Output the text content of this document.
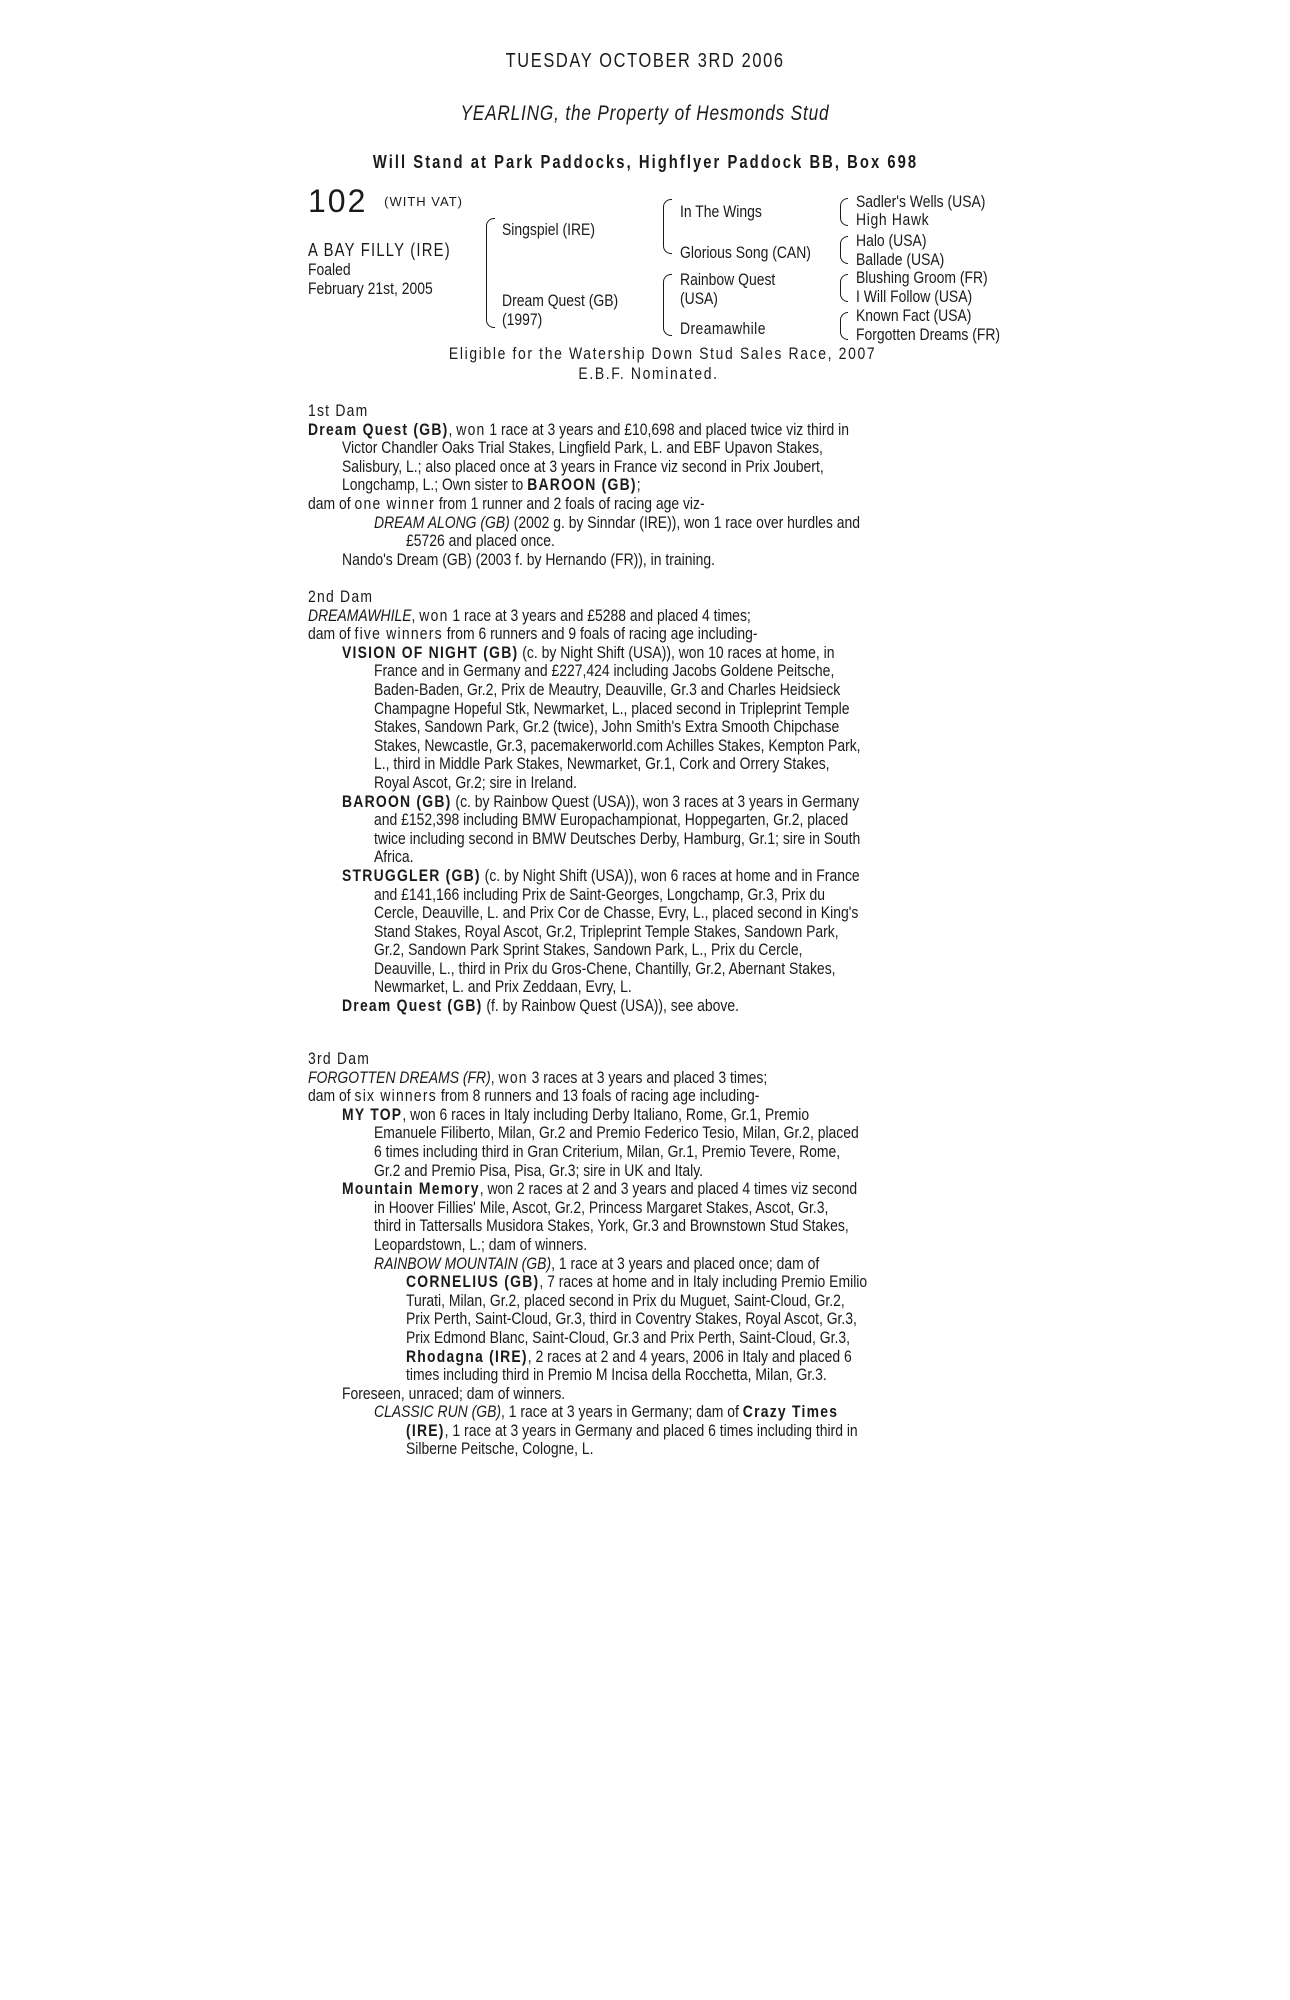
TUESDAY OCTOBER 3RD 2006
YEARLING, the Property of Hesmonds Stud
Will Stand at Park Paddocks, Highflyer Paddock BB, Box 698
102 $^{(WITH VAT)}$
A BAY FILLY (IRE)
Foaled
February 21st, 2005
Singspiel (IRE)
Dream Quest (GB)
(1997)
In The Wings
Glorious Song (CAN)
Rainbow Quest
(USA)
Dreamawhile
Sadler's Wells (USA)
High Hawk
Halo (USA)
Ballade (USA)
Blushing Groom (FR)
I Will Follow (USA)
Known Fact (USA)
Forgotten Dreams (FR)
Eligible for the Watership Down Stud Sales Race, 2007
E.B.F. Nominated.
1st Dam
Dream Quest (GB), won 1 race at 3 years and £10,698 and placed twice viz third in
Victor Chandler Oaks Trial Stakes, Lingfield Park, L. and EBF Upavon Stakes,
Salisbury, L.; also placed once at 3 years in France viz second in Prix Joubert,
Longchamp, L.; Own sister to BAROON (GB);
dam of one winner from 1 runner and 2 foals of racing age viz-
DREAM ALONG (GB) (2002 g. by Sinndar (IRE)), won 1 race over hurdles and
£5726 and placed once.
Nando's Dream (GB) (2003 f. by Hernando (FR)), in training.
2nd Dam
DREAMAWHILE, won 1 race at 3 years and £5288 and placed 4 times;
dam of five winners from 6 runners and 9 foals of racing age including-
VISION OF NIGHT (GB) (c. by Night Shift (USA)), won 10 races at home, in
France and in Germany and £227,424 including Jacobs Goldene Peitsche,
Baden-Baden, Gr.2, Prix de Meautry, Deauville, Gr.3 and Charles Heidsieck
Champagne Hopeful Stk, Newmarket, L., placed second in Tripleprint Temple
Stakes, Sandown Park, Gr.2 (twice), John Smith's Extra Smooth Chipchase
Stakes, Newcastle, Gr.3, pacemakerworld.com Achilles Stakes, Kempton Park,
L., third in Middle Park Stakes, Newmarket, Gr.1, Cork and Orrery Stakes,
Royal Ascot, Gr.2; sire in Ireland.
BAROON (GB) (c. by Rainbow Quest (USA)), won 3 races at 3 years in Germany
and £152,398 including BMW Europachampionat, Hoppegarten, Gr.2, placed
twice including second in BMW Deutsches Derby, Hamburg, Gr.1; sire in South
Africa.
STRUGGLER (GB) (c. by Night Shift (USA)), won 6 races at home and in France
and £141,166 including Prix de Saint-Georges, Longchamp, Gr.3, Prix du
Cercle, Deauville, L. and Prix Cor de Chasse, Evry, L., placed second in King's
Stand Stakes, Royal Ascot, Gr.2, Tripleprint Temple Stakes, Sandown Park,
Gr.2, Sandown Park Sprint Stakes, Sandown Park, L., Prix du Cercle,
Deauville, L., third in Prix du Gros-Chene, Chantilly, Gr.2, Abernant Stakes,
Newmarket, L. and Prix Zeddaan, Evry, L.
Dream Quest (GB) (f. by Rainbow Quest (USA)), see above.
3rd Dam
FORGOTTEN DREAMS (FR), won 3 races at 3 years and placed 3 times;
dam of six winners from 8 runners and 13 foals of racing age including-
MY TOP, won 6 races in Italy including Derby Italiano, Rome, Gr.1, Premio
Emanuele Filiberto, Milan, Gr.2 and Premio Federico Tesio, Milan, Gr.2, placed
6 times including third in Gran Criterium, Milan, Gr.1, Premio Tevere, Rome,
Gr.2 and Premio Pisa, Pisa, Gr.3; sire in UK and Italy.
Mountain Memory, won 2 races at 2 and 3 years and placed 4 times viz second
in Hoover Fillies' Mile, Ascot, Gr.2, Princess Margaret Stakes, Ascot, Gr.3,
third in Tattersalls Musidora Stakes, York, Gr.3 and Brownstown Stud Stakes,
Leopardstown, L.; dam of winners.
RAINBOW MOUNTAIN (GB), 1 race at 3 years and placed once; dam of
CORNELIUS (GB), 7 races at home and in Italy including Premio Emilio
Turati, Milan, Gr.2, placed second in Prix du Muguet, Saint-Cloud, Gr.2,
Prix Perth, Saint-Cloud, Gr.3, third in Coventry Stakes, Royal Ascot, Gr.3,
Prix Edmond Blanc, Saint-Cloud, Gr.3 and Prix Perth, Saint-Cloud, Gr.3,
Rhodagna (IRE), 2 races at 2 and 4 years, 2006 in Italy and placed 6
times including third in Premio M Incisa della Rocchetta, Milan, Gr.3.
Foreseen, unraced; dam of winners.
CLASSIC RUN (GB), 1 race at 3 years in Germany; dam of Crazy Times
(IRE), 1 race at 3 years in Germany and placed 6 times including third in
Silberne Peitsche, Cologne, L.
